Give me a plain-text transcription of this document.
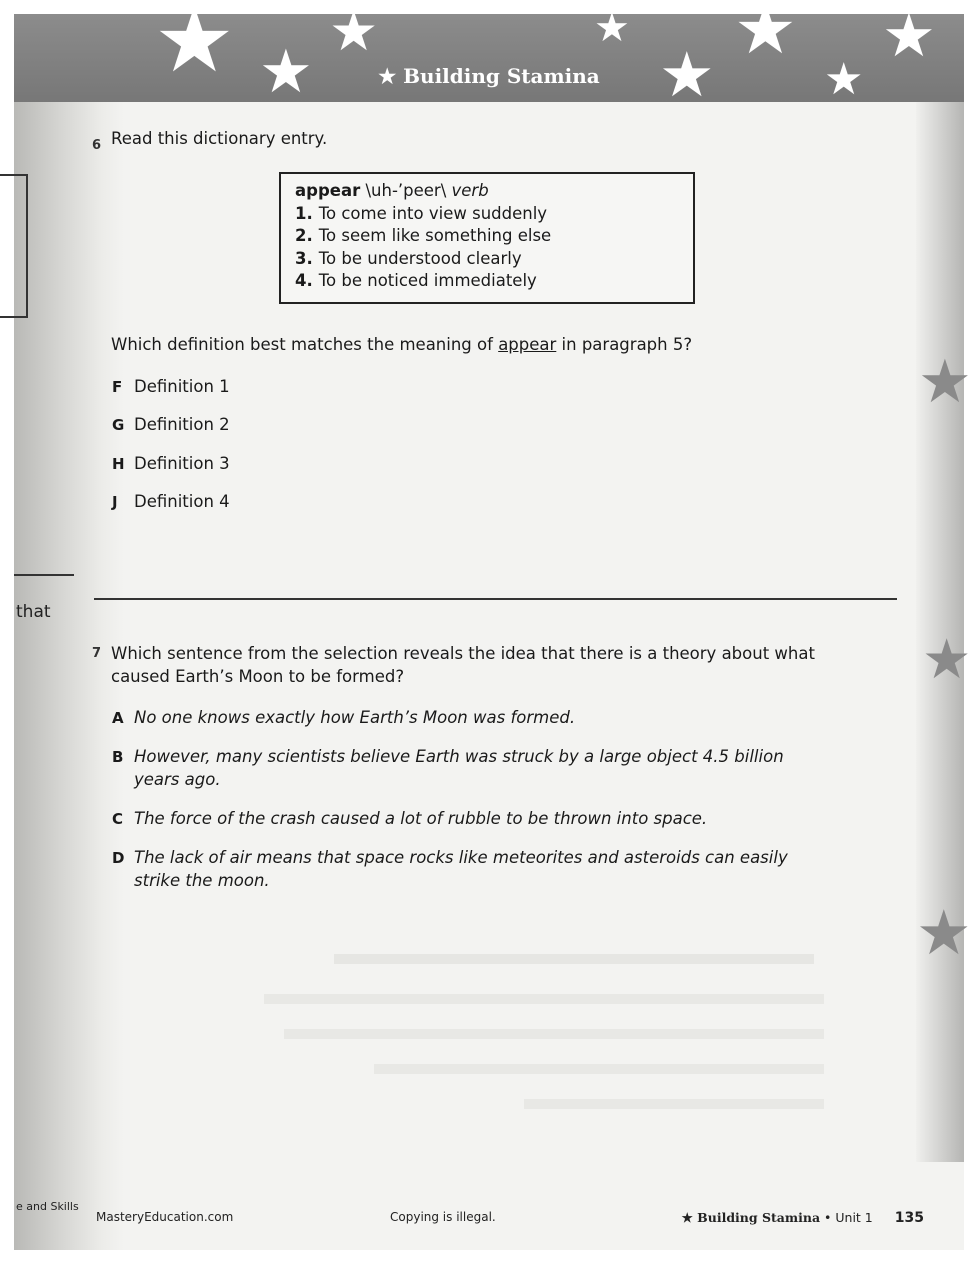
that
e and Skills
★ ★
★	★
★
★
★
★
★ Building Stamina
★
★
★
6 Read this dictionary entry.
appear \uh-’peer\ verb
1. To come into view suddenly
2. To seem like something else
3. To be understood clearly
4. To be noticed immediately
Which definition best matches the meaning of appear in paragraph 5?
F Definition 1
G Definition 2
H Definition 3
J Definition 4
7 Which sentence from the selection reveals the idea that there is a theory about what
caused Earth’s Moon to be formed?
A No one knows exactly how Earth’s Moon was formed.
B However, many scientists believe Earth was struck by a large object 4.5 billion
years ago.
C The force of the crash caused a lot of rubble to be thrown into space.
D The lack of air means that space rocks like meteorites and asteroids can easily
strike the moon.
MasteryEducation.com	Copying is illegal.	★ Building Stamina • Unit 1 135
